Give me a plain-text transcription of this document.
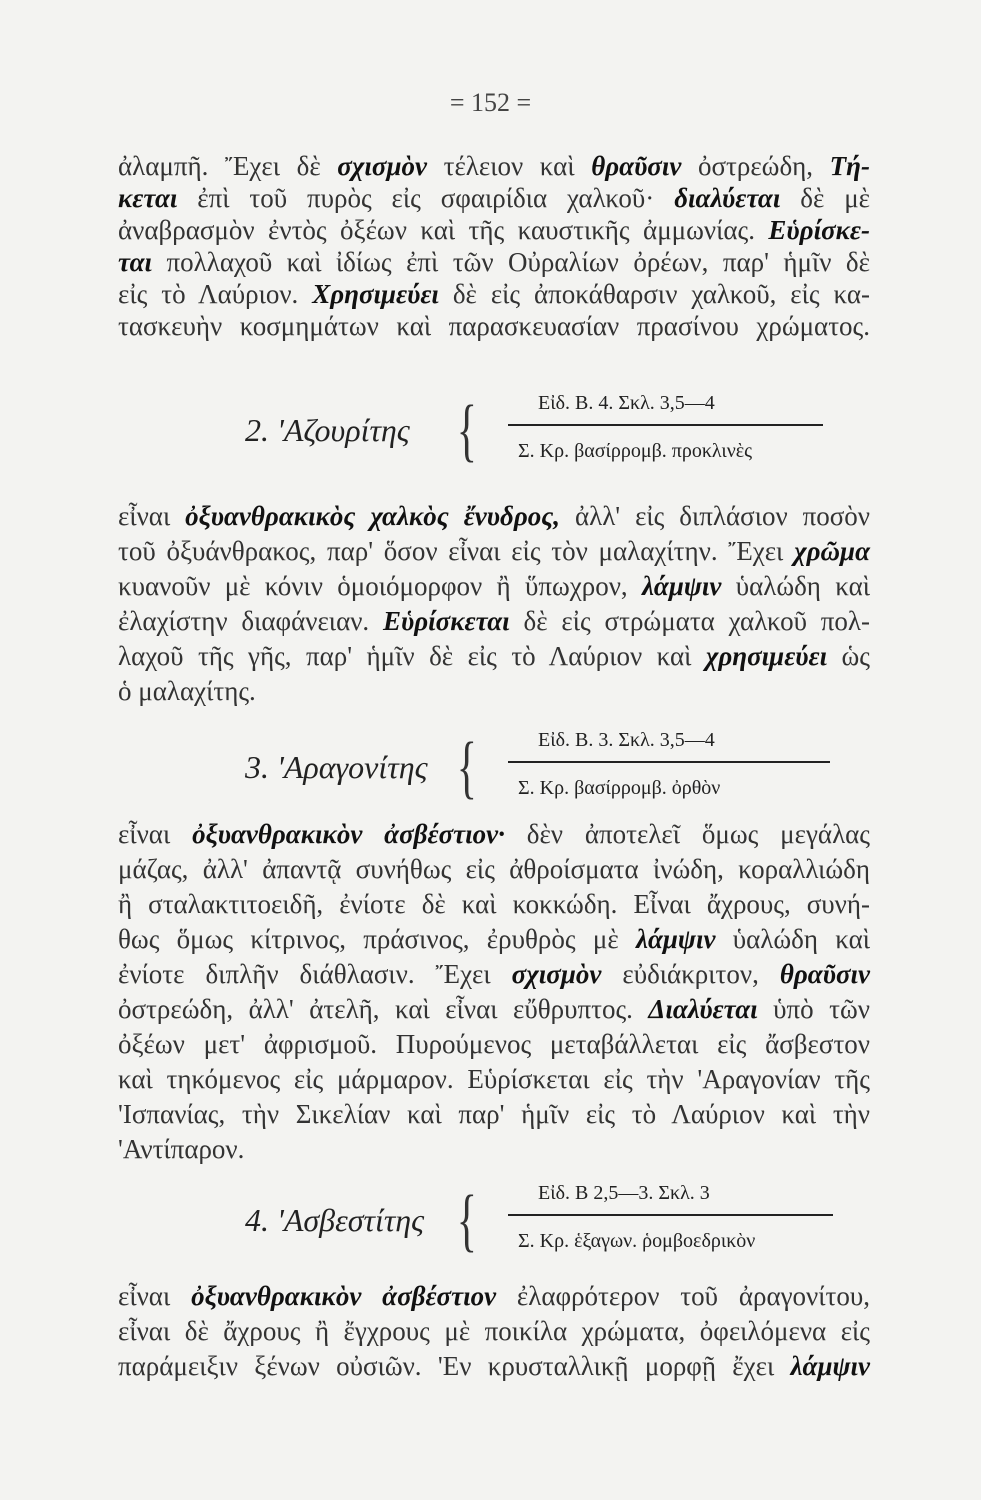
= 152 =
ἀλαμπῆ. Ἔχει δὲ σχισμὸν τέλειον καὶ θραῦσιν ὀστρεώδη, Τή-
κεται ἐπὶ τοῦ πυρὸς εἰς σφαιρίδια χαλκοῦ· διαλύεται δὲ μὲ
ἀναβρασμὸν ἐντὸς ὀξέων καὶ τῆς καυστικῆς ἀμμωνίας. Εὑρίσκε-
ται πολλαχοῦ καὶ ἰδίως ἐπὶ τῶν Οὐραλίων ὀρέων, παρ' ἡμῖν δὲ
εἰς τὸ Λαύριον. Χρησιμεύει δὲ εἰς ἀποκάθαρσιν χαλκοῦ, εἰς κα-
τασκευὴν κοσμημάτων καὶ παρασκευασίαν πρασίνου χρώματος.
2. 'Αζουρίτης {	Εἰδ. Β. 4. Σκλ. 3,5—4
Σ. Κρ. βασίρρομβ. προκλινὲς
εἶναι ὀξυανθρακικὸς χαλκὸς ἔνυδρος, ἀλλ' εἰς διπλάσιον ποσὸν
τοῦ ὀξυάνθρακος, παρ' ὅσον εἶναι εἰς τὸν μαλαχίτην. Ἔχει χρῶμα
κυανοῦν μὲ κόνιν ὁμοιόμορφον ἢ ὕπωχρον, λάμψιν ὑαλώδη καὶ
ἐλαχίστην διαφάνειαν. Εὑρίσκεται δὲ εἰς στρώματα χαλκοῦ πολ-
λαχοῦ τῆς γῆς, παρ' ἡμῖν δὲ εἰς τὸ Λαύριον καὶ χρησιμεύει ὡς
ὁ μαλαχίτης.
3. 'Αραγονίτης {	Εἰδ. Β. 3. Σκλ. 3,5—4
Σ. Κρ. βασίρρομβ. ὀρθὸν
εἶναι ὀξυανθρακικὸν ἀσβέστιον· δὲν ἀποτελεῖ ὅμως μεγάλας
μάζας, ἀλλ' ἀπαντᾷ συνήθως εἰς ἀθροίσματα ἰνώδη, κοραλλιώδη
ἢ σταλακτιτοειδῆ, ἐνίοτε δὲ καὶ κοκκώδη. Εἶναι ἄχρους, συνή-
θως ὅμως κίτρινος, πράσινος, ἐρυθρὸς μὲ λάμψιν ὑαλώδη καὶ
ἐνίοτε διπλῆν διάθλασιν. Ἔχει σχισμὸν εὐδιάκριτον, θραῦσιν
ὀστρεώδη, ἀλλ' ἀτελῆ, καὶ εἶναι εὔθρυπτος. Διαλύεται ὑπὸ τῶν
ὀξέων μετ' ἀφρισμοῦ. Πυρούμενος μεταβάλλεται εἰς ἄσβεστον
καὶ τηκόμενος εἰς μάρμαρον. Εὑρίσκεται εἰς τὴν 'Αραγονίαν τῆς
'Ισπανίας, τὴν Σικελίαν καὶ παρ' ἡμῖν εἰς τὸ Λαύριον καὶ τὴν
'Αντίπαρον.
4. 'Ασβεστίτης {	Εἰδ. Β 2,5—3. Σκλ. 3
Σ. Κρ. ἑξαγων. ῥομβοεδρικὸν
εἶναι ὀξυανθρακικὸν ἀσβέστιον ἐλαφρότερον τοῦ ἀραγονίτου,
εἶναι δὲ ἄχρους ἢ ἔγχρους μὲ ποικίλα χρώματα, ὀφειλόμενα εἰς
παράμειξιν ξένων οὐσιῶν. 'Εν κρυσταλλικῇ μορφῇ ἔχει λάμψιν
